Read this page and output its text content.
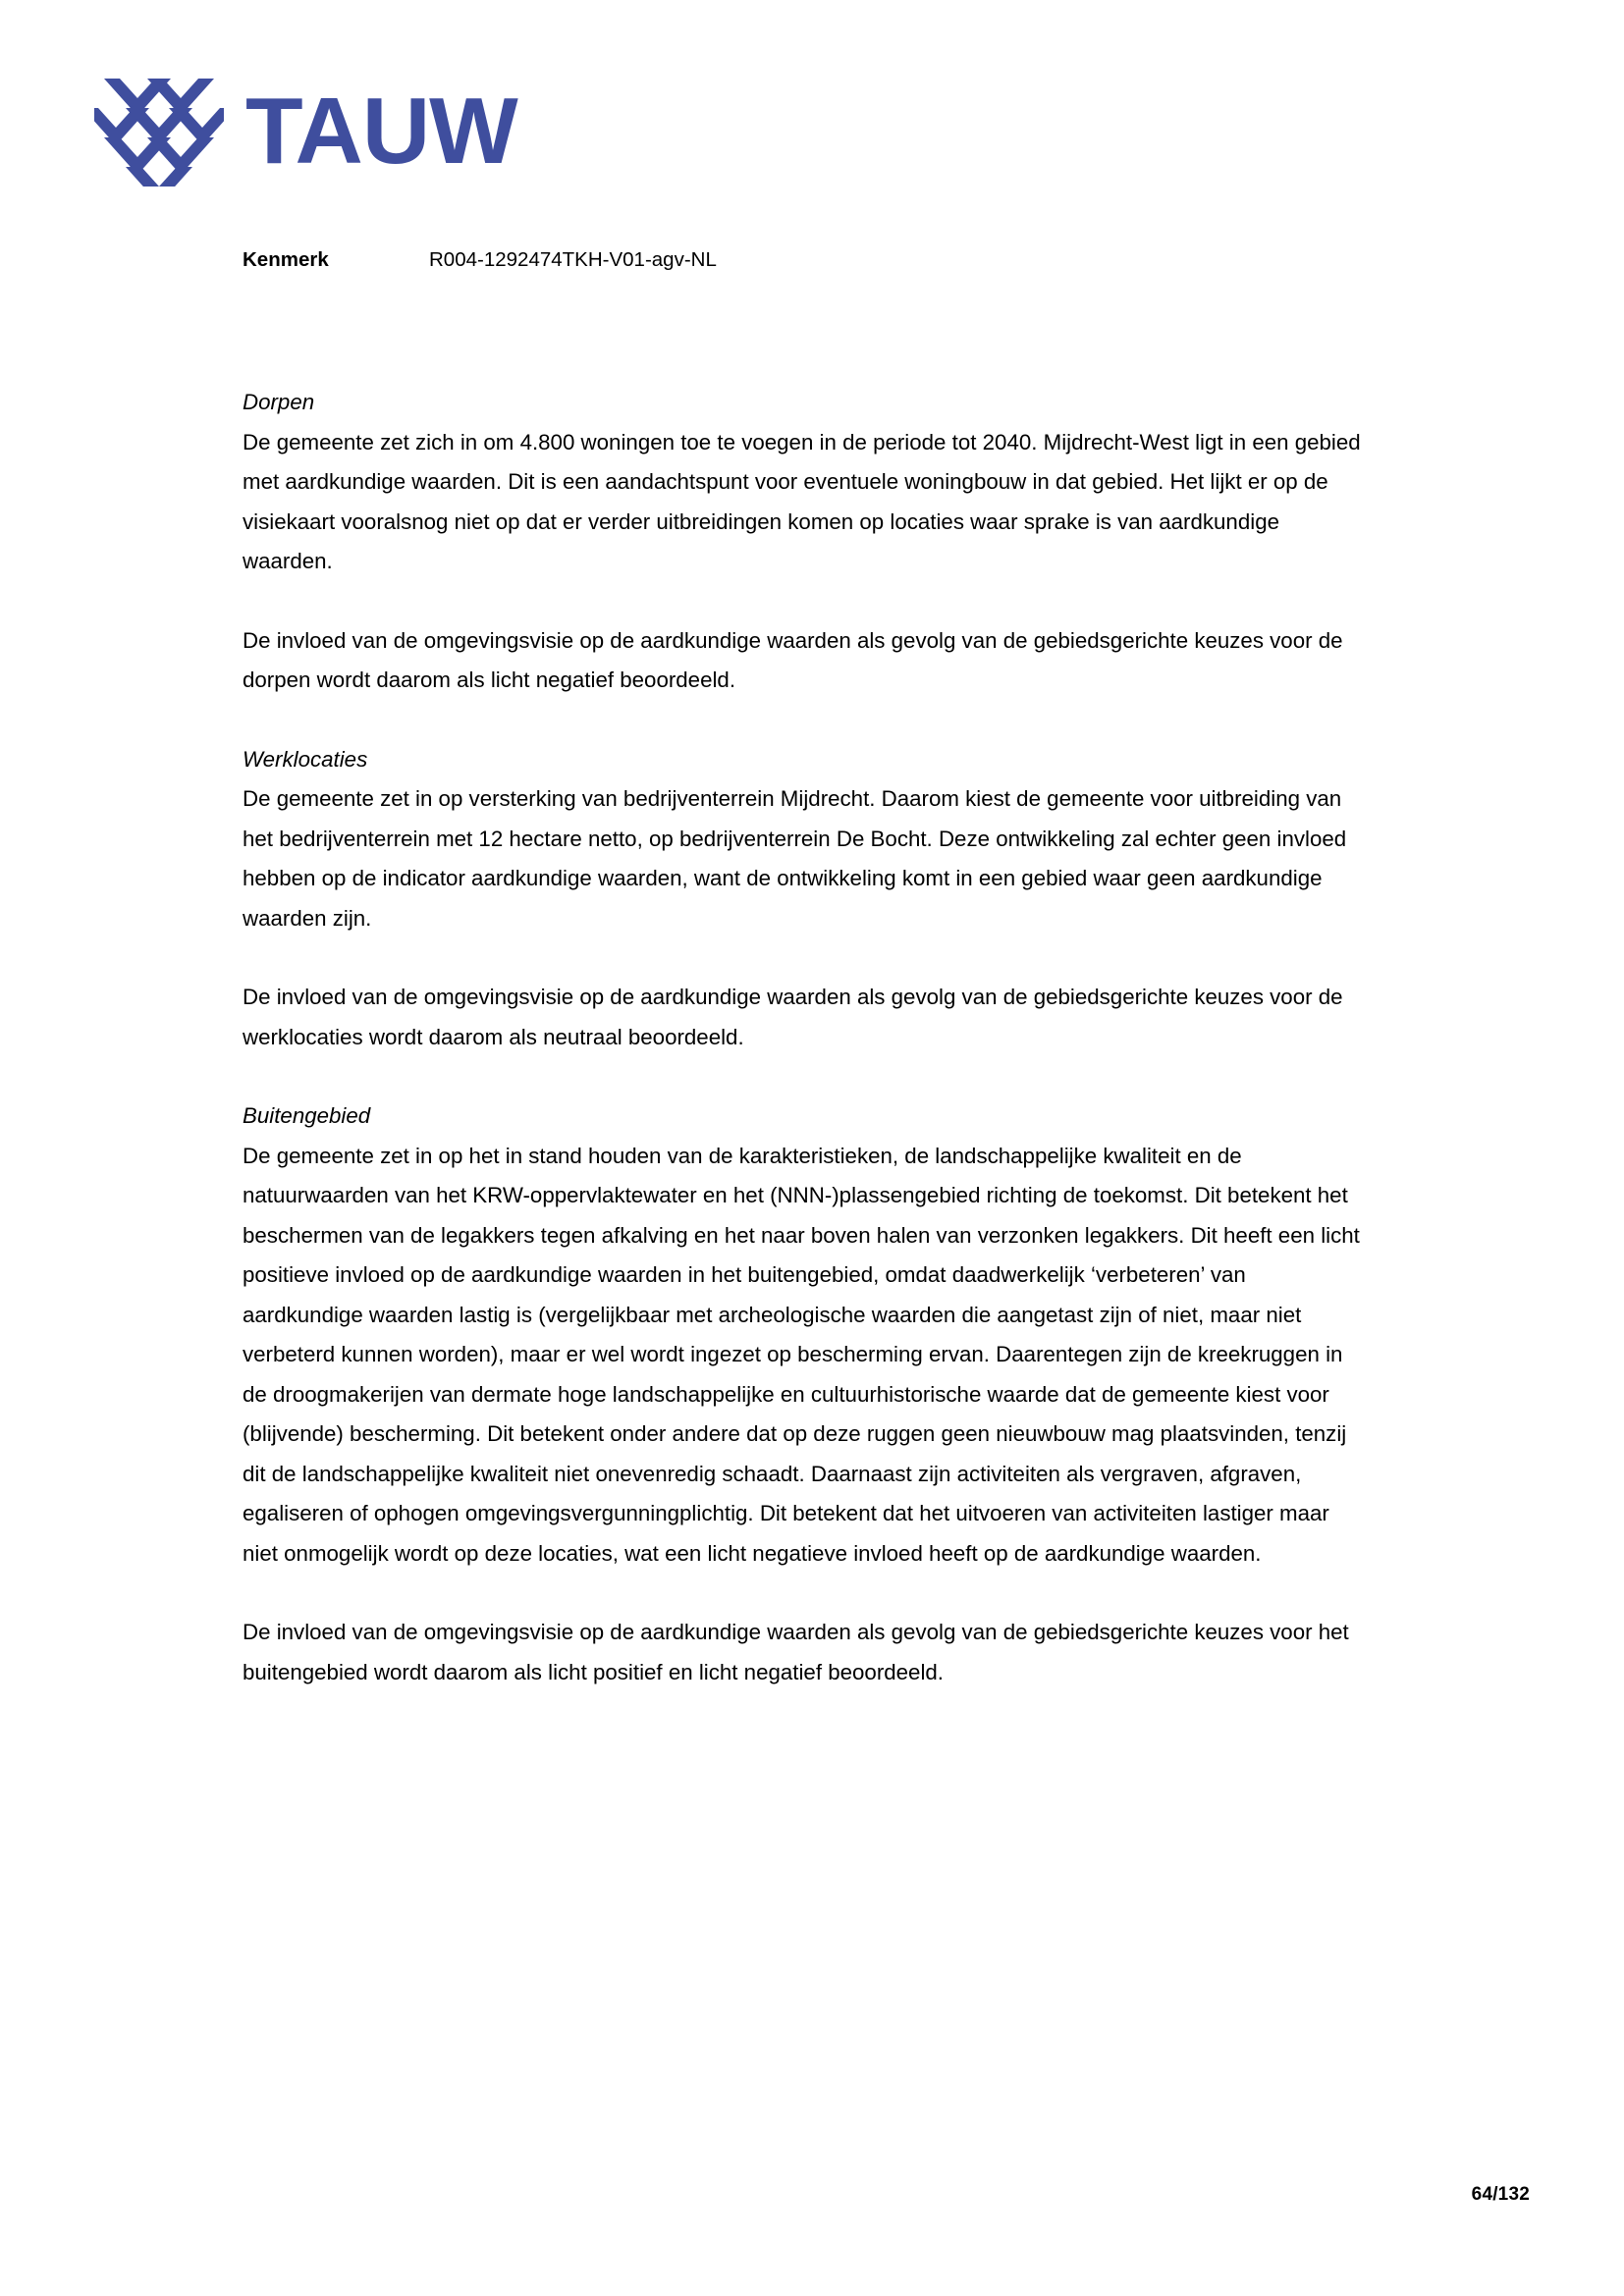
TAUW
Kenmerk	R004-1292474TKH-V01-agv-NL
Dorpen

De gemeente zet zich in om 4.800 woningen toe te voegen in de periode tot 2040. Mijdrecht-West ligt in een gebied met aardkundige waarden. Dit is een aandachtspunt voor eventuele woningbouw in dat gebied. Het lijkt er op de visiekaart vooralsnog niet op dat er verder uitbreidingen komen op locaties waar sprake is van aardkundige waarden.

De invloed van de omgevingsvisie op de aardkundige waarden als gevolg van de gebiedsgerichte keuzes voor de dorpen wordt daarom als licht negatief beoordeeld.

Werklocaties

De gemeente zet in op versterking van bedrijventerrein Mijdrecht. Daarom kiest de gemeente voor uitbreiding van het bedrijventerrein met 12 hectare netto, op bedrijventerrein De Bocht. Deze ontwikkeling zal echter geen invloed hebben op de indicator aardkundige waarden, want de ontwikkeling komt in een gebied waar geen aardkundige waarden zijn.

De invloed van de omgevingsvisie op de aardkundige waarden als gevolg van de gebiedsgerichte keuzes voor de werklocaties wordt daarom als neutraal beoordeeld.

Buitengebied

De gemeente zet in op het in stand houden van de karakteristieken, de landschappelijke kwaliteit en de natuurwaarden van het KRW-oppervlaktewater en het (NNN-)plassengebied richting de toekomst. Dit betekent het beschermen van de legakkers tegen afkalving en het naar boven halen van verzonken legakkers. Dit heeft een licht positieve invloed op de aardkundige waarden in het buitengebied, omdat daadwerkelijk ‘verbeteren’ van aardkundige waarden lastig is (vergelijkbaar met archeologische waarden die aangetast zijn of niet, maar niet verbeterd kunnen worden), maar er wel wordt ingezet op bescherming ervan. Daarentegen zijn de kreekruggen in de droogmakerijen van dermate hoge landschappelijke en cultuurhistorische waarde dat de gemeente kiest voor (blijvende) bescherming. Dit betekent onder andere dat op deze ruggen geen nieuwbouw mag plaatsvinden, tenzij dit de landschappelijke kwaliteit niet onevenredig schaadt. Daarnaast zijn activiteiten als vergraven, afgraven, egaliseren of ophogen omgevingsvergunningplichtig. Dit betekent dat het uitvoeren van activiteiten lastiger maar niet onmogelijk wordt op deze locaties, wat een licht negatieve invloed heeft op de aardkundige waarden.

De invloed van de omgevingsvisie op de aardkundige waarden als gevolg van de gebiedsgerichte keuzes voor het buitengebied wordt daarom als licht positief en licht negatief beoordeeld.

64/132
